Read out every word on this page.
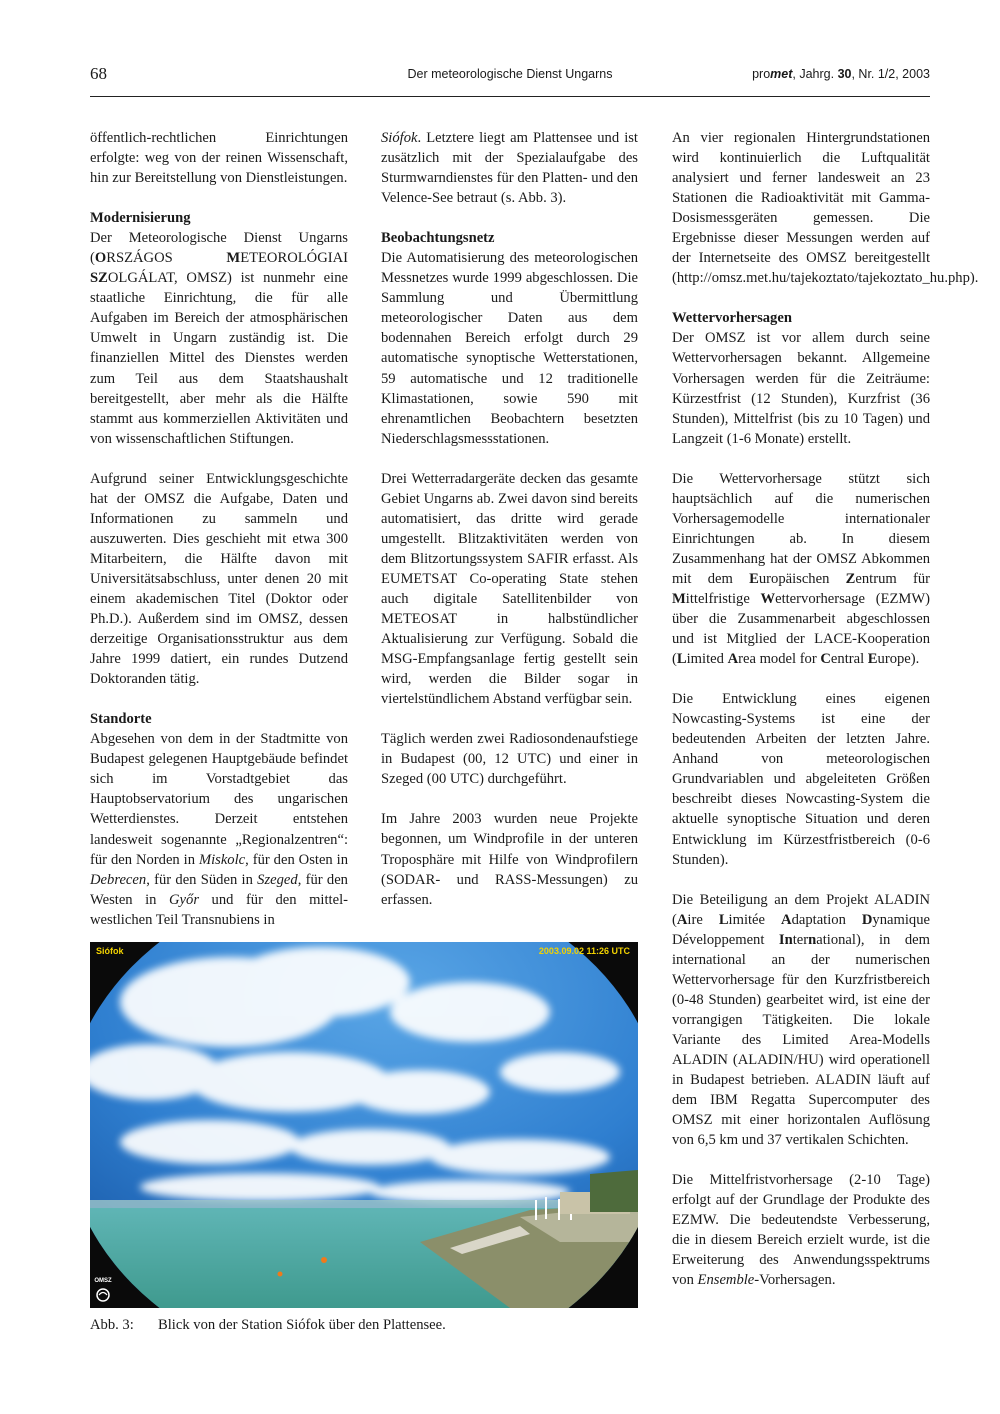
68	Der meteorologische Dienst Ungarns	promet, Jahrg. 30, Nr. 1/2, 2003

öffentlich-rechtlichen Einrichtungen erfolgte: weg von der reinen Wissenschaft, hin zur Bereitstellung von Dienstleistungen.

Modernisierung

Der Meteorologische Dienst Ungarns (ORSZÁGOS METEOROLÓGIAI SZOLGÁLAT, OMSZ) ist nunmehr eine staatliche Einrichtung, die für alle Aufgaben im Bereich der atmosphärischen Umwelt in Ungarn zuständig ist. Die finanziellen Mittel des Dienstes werden zum Teil aus dem Staatshaushalt bereitgestellt, aber mehr als die Hälfte stammt aus kommerziellen Aktivitäten und von wissenschaftlichen Stiftungen.

Aufgrund seiner Entwicklungsgeschichte hat der OMSZ die Aufgabe, Daten und Informationen zu sammeln und auszuwerten. Dies geschieht mit etwa 300 Mitarbeitern, die Hälfte davon mit Universitätsabschluss, unter denen 20 mit einem akademischen Titel (Doktor oder Ph.D.). Außerdem sind im OMSZ, dessen derzeitige Organisationsstruktur aus dem Jahre 1999 datiert, ein rundes Dutzend Doktoranden tätig.

Standorte

Abgesehen von dem in der Stadtmitte von Budapest gelegenen Hauptgebäude befindet sich im Vorstadtgebiet das Hauptobservatorium des ungarischen Wetterdienstes. Derzeit entstehen landesweit sogenannte „Regionalzentren“: für den Norden in Miskolc, für den Osten in Debrecen, für den Süden in Szeged, für den Westen in Győr und für den mittel-westlichen Teil Transnubiens in

Siófok. Letztere liegt am Plattensee und ist zusätzlich mit der Spezialaufgabe des Sturmwarndienstes für den Platten- und den Velence-See betraut (s. Abb. 3).

Beobachtungsnetz

Die Automatisierung des meteorologischen Messnetzes wurde 1999 abgeschlossen. Die Sammlung und Übermittlung meteorologischer Daten aus dem bodennahen Bereich erfolgt durch 29 automatische synoptische Wetterstationen, 59 automatische und 12 traditionelle Klimastationen, sowie 590 mit ehrenamtlichen Beobachtern besetzten Niederschlagsmessstationen.

Drei Wetterradargeräte decken das gesamte Gebiet Ungarns ab. Zwei davon sind bereits automatisiert, das dritte wird gerade umgestellt. Blitzaktivitäten werden von dem Blitzortungssystem SAFIR erfasst. Als EUMETSAT Co-operating State stehen auch digitale Satellitenbilder von METEOSAT in halbstündlicher Aktualisierung zur Verfügung. Sobald die MSG-Empfangsanlage fertig gestellt sein wird, werden die Bilder sogar in viertelstündlichem Abstand verfügbar sein.

Täglich werden zwei Radiosondenaufstiege in Budapest (00, 12 UTC) und einer in Szeged (00 UTC) durchgeführt.

Im Jahre 2003 wurden neue Projekte begonnen, um Windprofile in der unteren Troposphäre mit Hilfe von Windprofilern (SODAR- und RASS-Messungen) zu erfassen.

An vier regionalen Hintergrundstationen wird kontinuierlich die Luftqualität analysiert und ferner landesweit an 23 Stationen die Radioaktivität mit Gamma-Dosismessgeräten gemessen. Die Ergebnisse dieser Messungen werden auf der Internetseite des OMSZ bereitgestellt (http://omsz.met.hu/tajekoztato/tajekoztato_hu.php).

Wettervorhersagen

Der OMSZ ist vor allem durch seine Wettervorhersagen bekannt. Allgemeine Vorhersagen werden für die Zeiträume: Kürzestfrist (12 Stunden), Kurzfrist (36 Stunden), Mittelfrist (bis zu 10 Tagen) und Langzeit (1-6 Monate) erstellt.

Die Wettervorhersage stützt sich hauptsächlich auf die numerischen Vorhersagemodelle internationaler Einrichtungen ab. In diesem Zusammenhang hat der OMSZ Abkommen mit dem Europäischen Zentrum für Mittelfristige Wettervorhersage (EZMW) über die Zusammenarbeit abgeschlossen und ist Mitglied der LACE-Kooperation (Limited Area model for Central Europe).

Die Entwicklung eines eigenen Nowcasting-Systems ist eine der bedeutenden Arbeiten der letzten Jahre. Anhand von meteorologischen Grundvariablen und abgeleiteten Größen beschreibt dieses Nowcasting-System die aktuelle synoptische Situation und deren Entwicklung im Kürzestfristbereich (0-6 Stunden).

Die Beteiligung an dem Projekt ALADIN (Aire Limitée Adaptation Dynamique Développement International), in dem international an der numerischen Wettervorhersage für den Kurzfristbereich (0-48 Stunden) gearbeitet wird, ist eine der vorrangigen Tätigkeiten. Die lokale Variante des Limited Area-Modells ALADIN (ALADIN/HU) wird operationell in Budapest betrieben. ALADIN läuft auf dem IBM Regatta Supercomputer des OMSZ mit einer horizontalen Auflösung von 6,5 km und 37 vertikalen Schichten.

Die Mittelfristvorhersage (2-10 Tage) erfolgt auf der Grundlage der Produkte des EZMW. Die bedeutendste Verbesserung, die in diesem Bereich erzielt wurde, ist die Erweiterung des Anwendungsspektrums von Ensemble-Vorhersagen.

Siófok	2003.09.02 11:26 UTC
OMSZ
Abb. 3: Blick von der Station Siófok über den Plattensee.
